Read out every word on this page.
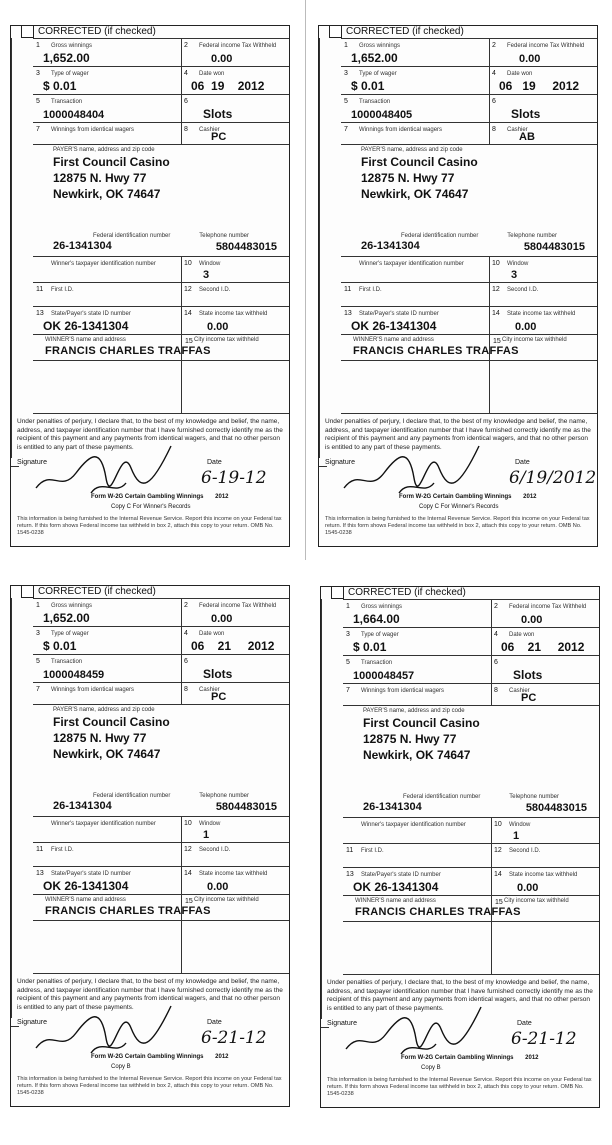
CORRECTED (if checked)
1 Gross winnings
1,652.00
2 Federal income Tax Withheld
0.00
3 Type of wager
$ 0.01
4 Date won
06  19    2012
5 Transaction
1000048404
6
Slots
7 Winnings from identical wagers	8 Cashier
PC
PAYER'S name, address and zip code
First Council Casino
12875 N. Hwy 77
Newkirk, OK 74647
Federal identification number
26-1341304
Telephone number
5804483015
Winner's taxpayer identification number	10 Window
3
11 First I.D.	12 Second I.D.
13 State/Payer's state ID number
OK 26-1341304
14 State income tax withheld
0.00
WINNER'S name and address
FRANCIS CHARLES TRAFFAS
15 City income tax withheld
Under penalties of perjury, I declare that, to the best of my knowledge and belief, the name, address, and taxpayer identification number that I have furnished correctly identify me as the recipient of this payment and any payments from identical wagers, and that no other person is entitled to any part of these payments.
Signature	Date
6-19-12
Form W-2G Certain Gambling Winnings 2012
Copy C For Winner's Records
This information is being furnished to the Internal Revenue Service. Report this income on your Federal tax return. If this form shows Federal income tax withheld in box 2, attach this copy to your return. OMB No. 1545-0238
CORRECTED (if checked)
1 Gross winnings
1,652.00
2 Federal income Tax Withheld
0.00
3 Type of wager
$ 0.01
4 Date won
06   19     2012
5 Transaction
1000048405
6
Slots
7 Winnings from identical wagers	8 Cashier
AB
PAYER'S name, address and zip code
First Council Casino
12875 N. Hwy 77
Newkirk, OK 74647
Federal identification number
26-1341304
Telephone number
5804483015
Winner's taxpayer identification number	10 Window
3
11 First I.D.	12 Second I.D.
13 State/Payer's state ID number
OK 26-1341304
14 State income tax withheld
0.00
WINNER'S name and address
FRANCIS CHARLES TRAFFAS
15 City income tax withheld
Under penalties of perjury, I declare that, to the best of my knowledge and belief, the name, address, and taxpayer identification number that I have furnished correctly identify me as the recipient of this payment and any payments from identical wagers, and that no other person is entitled to any part of these payments.
Signature	Date
6/19/2012
Form W-2G Certain Gambling Winnings 2012
Copy C For Winner's Records
This information is being furnished to the Internal Revenue Service. Report this income on your Federal tax return. If this form shows Federal income tax withheld in box 2, attach this copy to your return. OMB No. 1545-0238
CORRECTED (if checked)
1 Gross winnings
1,652.00
2 Federal income Tax Withheld
0.00
3 Type of wager
$ 0.01
4 Date won
06    21     2012
5 Transaction
1000048459
6
Slots
7 Winnings from identical wagers	8 Cashier
PC
PAYER'S name, address and zip code
First Council Casino
12875 N. Hwy 77
Newkirk, OK 74647
Federal identification number
26-1341304
Telephone number
5804483015
Winner's taxpayer identification number	10 Window
1
11 First I.D.	12 Second I.D.
13 State/Payer's state ID number
OK 26-1341304
14 State income tax withheld
0.00
WINNER'S name and address
FRANCIS CHARLES TRAFFAS
15 City income tax withheld
Under penalties of perjury, I declare that, to the best of my knowledge and belief, the name, address, and taxpayer identification number that I have furnished correctly identify me as the recipient of this payment and any payments from identical wagers, and that no other person is entitled to any part of these payments.
Signature	Date
6-21-12
Form W-2G Certain Gambling Winnings 2012
Copy B
This information is being furnished to the Internal Revenue Service. Report this income on your Federal tax return. If this form shows Federal income tax withheld in box 2, attach this copy to your return. OMB No. 1545-0238
CORRECTED (if checked)
1 Gross winnings
1,664.00
2 Federal income Tax Withheld
0.00
3 Type of wager
$ 0.01
4 Date won
06    21     2012
5 Transaction
1000048457
6
Slots
7 Winnings from identical wagers	8 Cashier
PC
PAYER'S name, address and zip code
First Council Casino
12875 N. Hwy 77
Newkirk, OK 74647
Federal identification number
26-1341304
Telephone number
5804483015
Winner's taxpayer identification number	10 Window
1
11 First I.D.	12 Second I.D.
13 State/Payer's state ID number
OK 26-1341304
14 State income tax withheld
0.00
WINNER'S name and address
FRANCIS CHARLES TRAFFAS
15 City income tax withheld
Under penalties of perjury, I declare that, to the best of my knowledge and belief, the name, address, and taxpayer identification number that I have furnished correctly identify me as the recipient of this payment and any payments from identical wagers, and that no other person is entitled to any part of these payments.
Signature	Date
6-21-12
Form W-2G Certain Gambling Winnings 2012
Copy B
This information is being furnished to the Internal Revenue Service. Report this income on your Federal tax return. If this form shows Federal income tax withheld in box 2, attach this copy to your return. OMB No. 1545-0238
